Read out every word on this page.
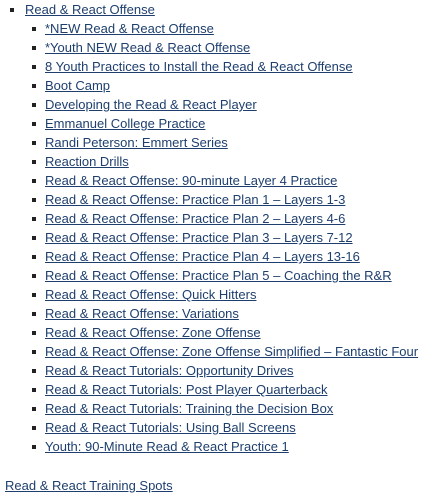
Read & React Offense
*NEW Read & React Offense
*Youth NEW Read & React Offense
8 Youth Practices to Install the Read & React Offense
Boot Camp
Developing the Read & React Player
Emmanuel College Practice
Randi Peterson: Emmert Series
Reaction Drills
Read & React Offense: 90-minute Layer 4 Practice
Read & React Offense: Practice Plan 1 – Layers 1-3
Read & React Offense: Practice Plan 2 – Layers 4-6
Read & React Offense: Practice Plan 3 – Layers 7-12
Read & React Offense: Practice Plan 4 – Layers 13-16
Read & React Offense: Practice Plan 5 – Coaching the R&R
Read & React Offense: Quick Hitters
Read & React Offense: Variations
Read & React Offense: Zone Offense
Read & React Offense: Zone Offense Simplified – Fantastic Four
Read & React Tutorials: Opportunity Drives
Read & React Tutorials: Post Player Quarterback
Read & React Tutorials: Training the Decision Box
Read & React Tutorials: Using Ball Screens
Youth: 90-Minute Read & React Practice 1
Read & React Training Spots
